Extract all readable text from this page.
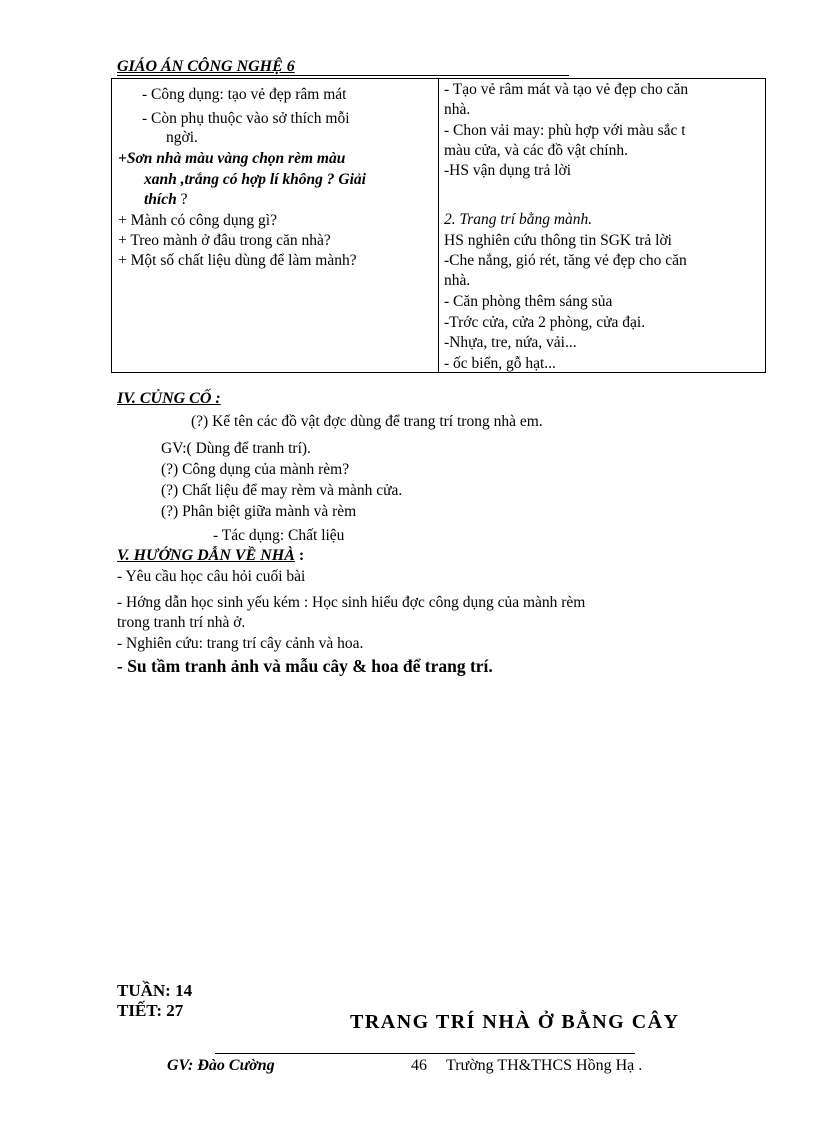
GIÁO ÁN CÔNG NGHỆ 6
- Công dụng: tạo vẻ đẹp râm mát
- Còn phụ thuộc vào sở thích mỗi
ngời.
+Sơn nhà màu vàng chọn rèm màu
xanh ,trắng có hợp lí không ? Giải
thích ?
+ Mành có công dụng gì?
+ Treo mành ở đâu trong căn nhà?
+ Một số chất liệu dùng để làm mành?
- Tạo vẻ râm mát và tạo vẻ đẹp cho căn
nhà.
- Chon vải may: phù hợp với màu sắc t
màu cửa, và các đồ vật chính.
-HS vận dụng trả lời
2. Trang trí bằng mành.
HS nghiên cứu thông tin SGK trả lời
-Che nắng, gió rét, tăng vẻ đẹp cho căn
nhà.
- Căn phòng thêm sáng sủa
-Trớc cửa, cửa 2 phòng, cửa đại.
-Nhựa, tre, nứa, vải...
- ốc biển, gỗ hạt...
IV. CỦNG CỐ :
(?) Kể tên các đồ vật đợc dùng để trang trí trong nhà em.
GV:( Dùng để tranh trí).
(?) Công dụng của mành rèm?
(?) Chất liệu để may rèm và mành cửa.
(?) Phân biệt giữa mành và rèm
- Tác dụng: Chất liệu
V. HƯỚNG DẪN VỀ NHÀ :
- Yêu cầu học câu hỏi cuối bài
- Hớng dẫn học sinh yếu kém : Học sinh hiểu đợc công dụng của mành rèm
trong tranh trí nhà ở.
- Nghiên cứu: trang trí cây cảnh và hoa.
- Su tầm tranh ảnh và mẫu cây & hoa để trang trí.
TUẦN: 14
TIẾT: 27
TRANG TRÍ NHÀ Ở BẰNG CÂY
GV: Đào Cường	46 Trường TH&THCS Hồng Hạ .
